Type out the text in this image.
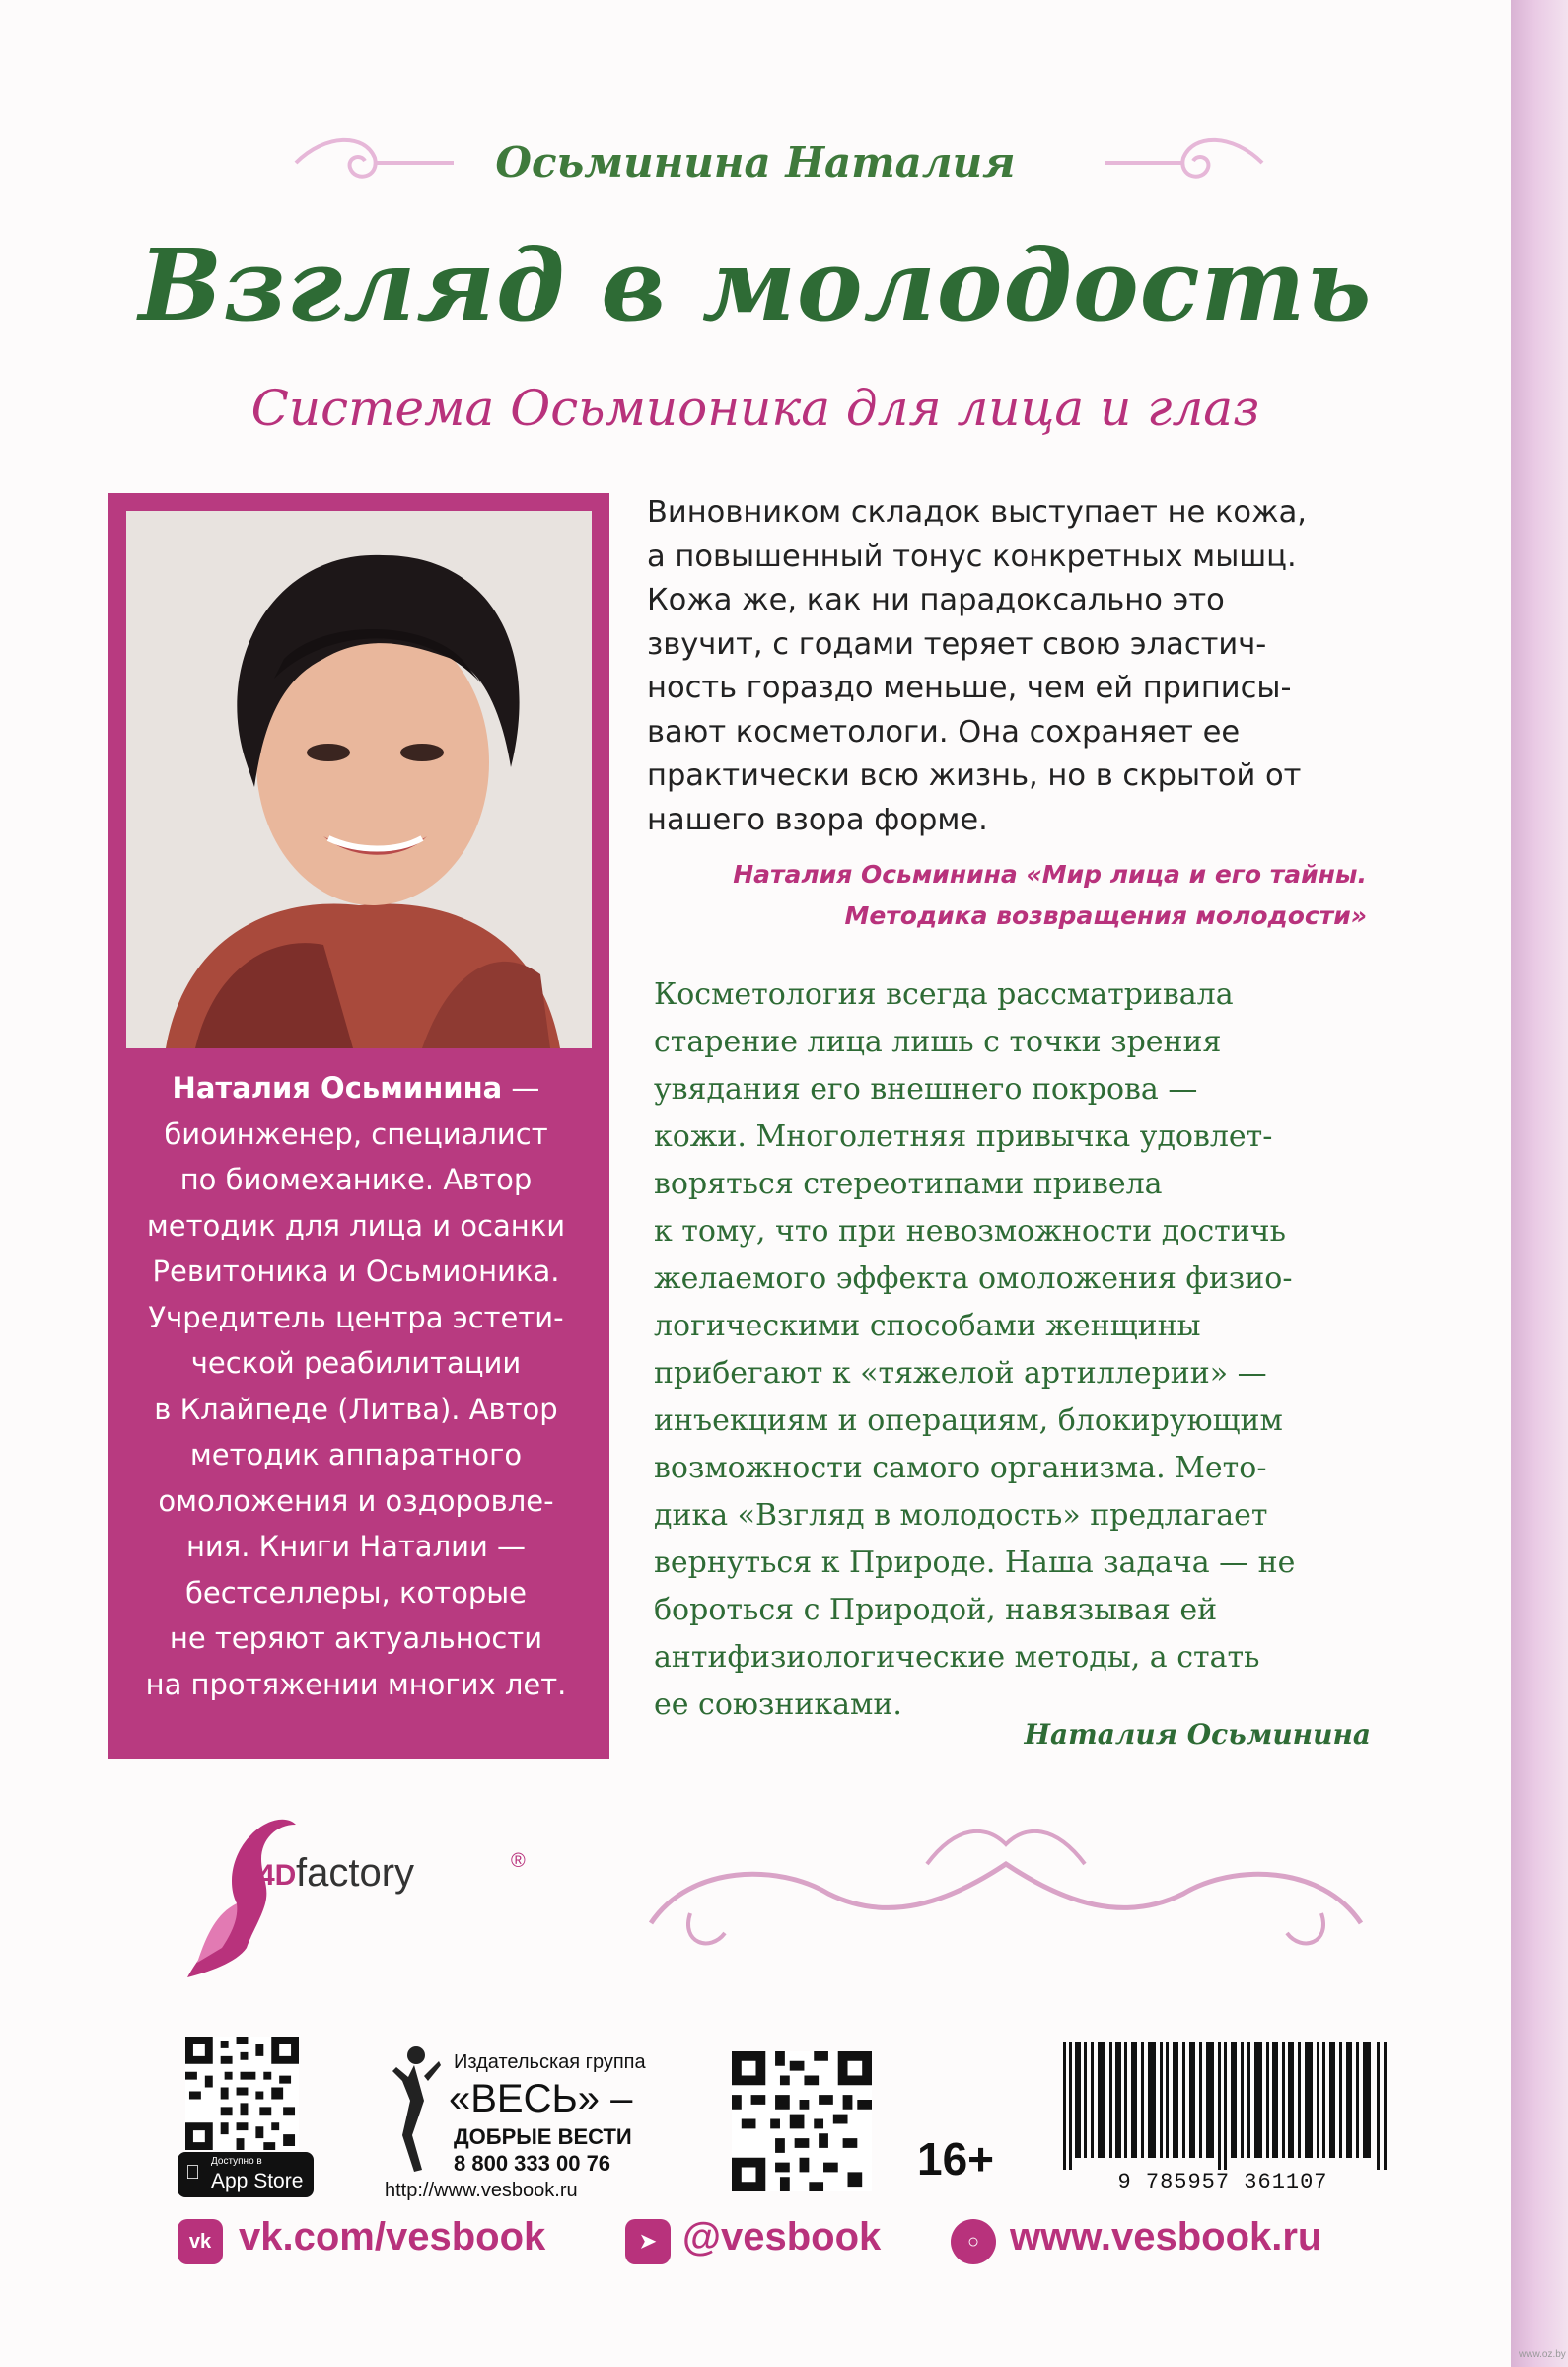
Осьминина Наталия
Взгляд в молодость
Система Осьмионика для лица и глаз
Наталия Осьминина —
биоинженер, специалист
по биомеханике. Автор
методик для лица и осанки
Ревитоника и Осьмионика.
Учредитель центра эстети-
ческой реабилитации
в Клайпеде (Литва). Автор
методик аппаратного
омоложения и оздоровле-
ния. Книги Наталии —
бестселлеры, которые
не теряют актуальности
на протяжении многих лет.
Виновником складок выступает не кожа,
а повышенный тонус конкретных мышц.
Кожа же, как ни парадоксально это
звучит, с годами теряет свою эластич-
ность гораздо меньше, чем ей приписы-
вают косметологи. Она сохраняет ее
практически всю жизнь, но в скрытой от
нашего взора форме.
Наталия Осьминина «Мир лица и его тайны.
Методика возвращения молодости»
Косметология всегда рассматривала
старение лица лишь с точки зрения
увядания его внешнего покрова —
кожи. Многолетняя привычка удовлет-
воряться стереотипами привела
к тому, что при невозможности достичь
желаемого эффекта омоложения физио-
логическими способами женщины
прибегают к «тяжелой артиллерии» —
инъекциям и операциям, блокирующим
возможности самого организма. Мето-
дика «Взгляд в молодость» предлагает
вернуться к Природе. Наша задача — не
бороться с Природой, навязывая ей
антифизиологические методы, а стать
ее союзниками.
Наталия Осьминина
4D factory	®
Доступно в
App Store
Издательская группа
«ВЕСЬ» –
ДОБРЫЕ ВЕСТИ
8 800 333 00 76
http://www.vesbook.ru
16+	9 785957 361107
vk vk.com/vesbook	➤ @vesbook	○ www.vesbook.ru
www.oz.by
